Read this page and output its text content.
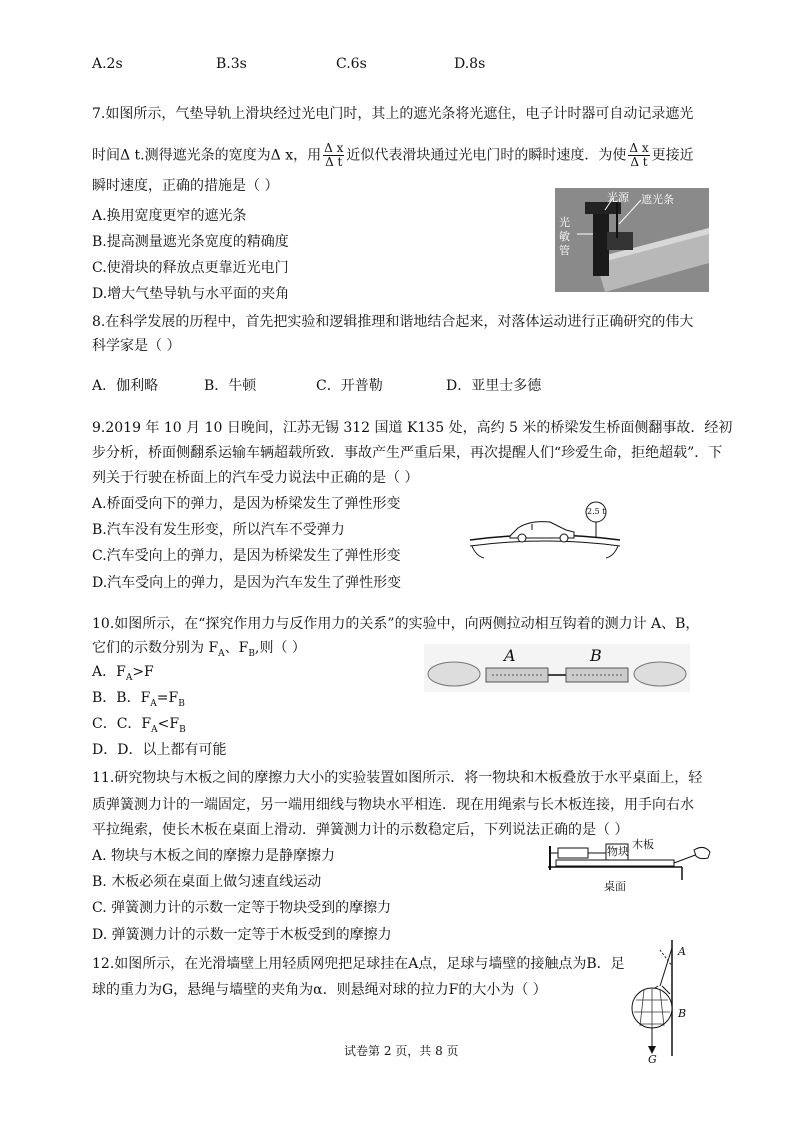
A.2s	B.3s	C.6s	D.8s
7.如图所示，气垫导轨上滑块经过光电门时，其上的遮光条将光遮住，电子计时器可自动记录遮光
时间Δ t.测得遮光条的宽度为Δ x，用 $\frac{\text{Δ x}}{\text{Δ t}}$ 近似代表滑块通过光电门时的瞬时速度．为使 $\frac{\text{Δ x}}{\text{Δ t}}$ 更接近
瞬时速度，正确的措施是（ ）
A.换用宽度更窄的遮光条
B.提高测量遮光条宽度的精确度
C.使滑块的释放点更靠近光电门
D.增大气垫导轨与水平面的夹角
光源 遮光条
光
敏
管
8.在科学发展的历程中，首先把实验和逻辑推理和谐地结合起来，对落体运动进行正确研究的伟大
科学家是（ ）
A．伽利略	B．牛顿	C．开普勒	D．亚里士多德
9.2019 年 10 月 10 日晚间，江苏无锡 312 国道 K135 处，高约 5 米的桥梁发生桥面侧翻事故．经初
步分析，桥面侧翻系运输车辆超载所致．事故产生严重后果，再次提醒人们“珍爱生命，拒绝超载”．下
列关于行驶在桥面上的汽车受力说法中正确的是（ ）
A.桥面受向下的弹力，是因为桥梁发生了弹性形变
B.汽车没有发生形变，所以汽车不受弹力
C.汽车受向上的弹力，是因为桥梁发生了弹性形变
D.汽车受向上的弹力，是因为汽车发生了弹性形变
2.5 t
10.如图所示，在“探究作用力与反作用力的关系”的实验中，向两侧拉动相互钩着的测力计 A、B，
它们的示数分别为 $F_A$、$F_B$,则（ ）
A．$F_A>F$
B．B．$F_A=F_B$
C．C．$F_A<F_B$
D．D．以上都有可能
A	B
11.研究物块与木板之间的摩擦力大小的实验装置如图所示．将一物块和木板叠放于水平桌面上，轻
质弹簧测力计的一端固定，另一端用细线与物块水平相连．现在用绳索与长木板连接，用手向右水
平拉绳索，使长木板在桌面上滑动．弹簧测力计的示数稳定后，下列说法正确的是（ ）
A. 物块与木板之间的摩擦力是静摩擦力
B. 木板必须在桌面上做匀速直线运动
C. 弹簧测力计的示数一定等于物块受到的摩擦力
D. 弹簧测力计的示数一定等于木板受到的摩擦力
物块
木板
桌面
12.如图所示，在光滑墙壁上用轻质网兜把足球挂在A点，足球与墙壁的接触点为B．足
球的重力为G，悬绳与墙壁的夹角为α．则悬绳对球的拉力F的大小为（ ）
A
B
G
试卷第 2 页，共 8 页
